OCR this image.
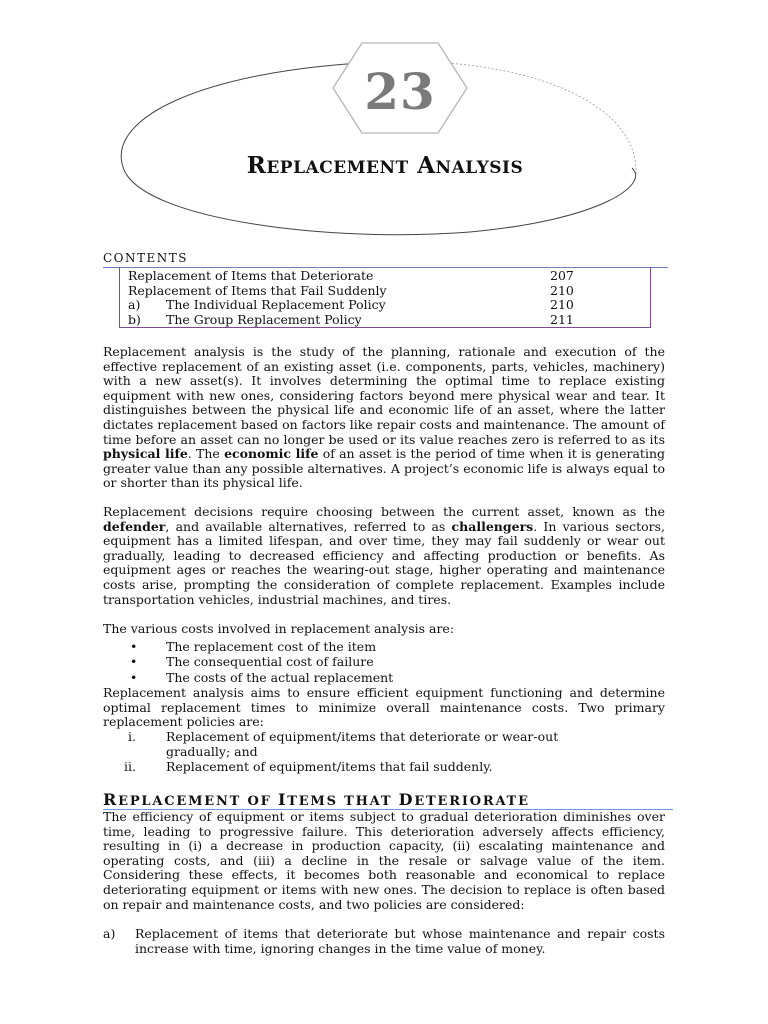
23
REPLACEMENT ANALYSIS
CONTENTS
Replacement of Items that Deteriorate	207
Replacement of Items that Fail Suddenly	210
a) The Individual Replacement Policy	210
b) The Group Replacement Policy	211

Replacement analysis is the study of the planning, rationale and execution of the effective replacement of an existing asset (i.e. components, parts, vehicles, machinery) with a new asset(s). It involves determining the optimal time to replace existing equipment with new ones, considering factors beyond mere physical wear and tear. It distinguishes between the physical life and economic life of an asset, where the latter dictates replacement based on factors like repair costs and maintenance. The amount of time before an asset can no longer be used or its value reaches zero is referred to as its physical life. The economic life of an asset is the period of time when it is generating greater value than any possible alternatives. A project’s economic life is always equal to or shorter than its physical life.

Replacement decisions require choosing between the current asset, known as the defender, and available alternatives, referred to as challengers. In various sectors, equipment has a limited lifespan, and over time, they may fail suddenly or wear out gradually, leading to decreased efficiency and affecting production or benefits. As equipment ages or reaches the wearing-out stage, higher operating and maintenance costs arise, prompting the consideration of complete replacement. Examples include transportation vehicles, industrial machines, and tires.

The various costs involved in replacement analysis are:

• The replacement cost of the item
• The consequential cost of failure
• The costs of the actual replacement

Replacement analysis aims to ensure efficient equipment functioning and determine optimal replacement times to minimize overall maintenance costs. Two primary replacement policies are:

i. Replacement of equipment/items that deteriorate or wear-out gradually; and
ii. Replacement of equipment/items that fail suddenly.
REPLACEMENT OF ITEMS THAT DETERIORATE

The efficiency of equipment or items subject to gradual deterioration diminishes over time, leading to progressive failure. This deterioration adversely affects efficiency, resulting in (i) a decrease in production capacity, (ii) escalating maintenance and operating costs, and (iii) a decline in the resale or salvage value of the item. Considering these effects, it becomes both reasonable and economical to replace deteriorating equipment or items with new ones. The decision to replace is often based on repair and maintenance costs, and two policies are considered:

a) Replacement of items that deteriorate but whose maintenance and repair costs increase with time, ignoring changes in the time value of money.
